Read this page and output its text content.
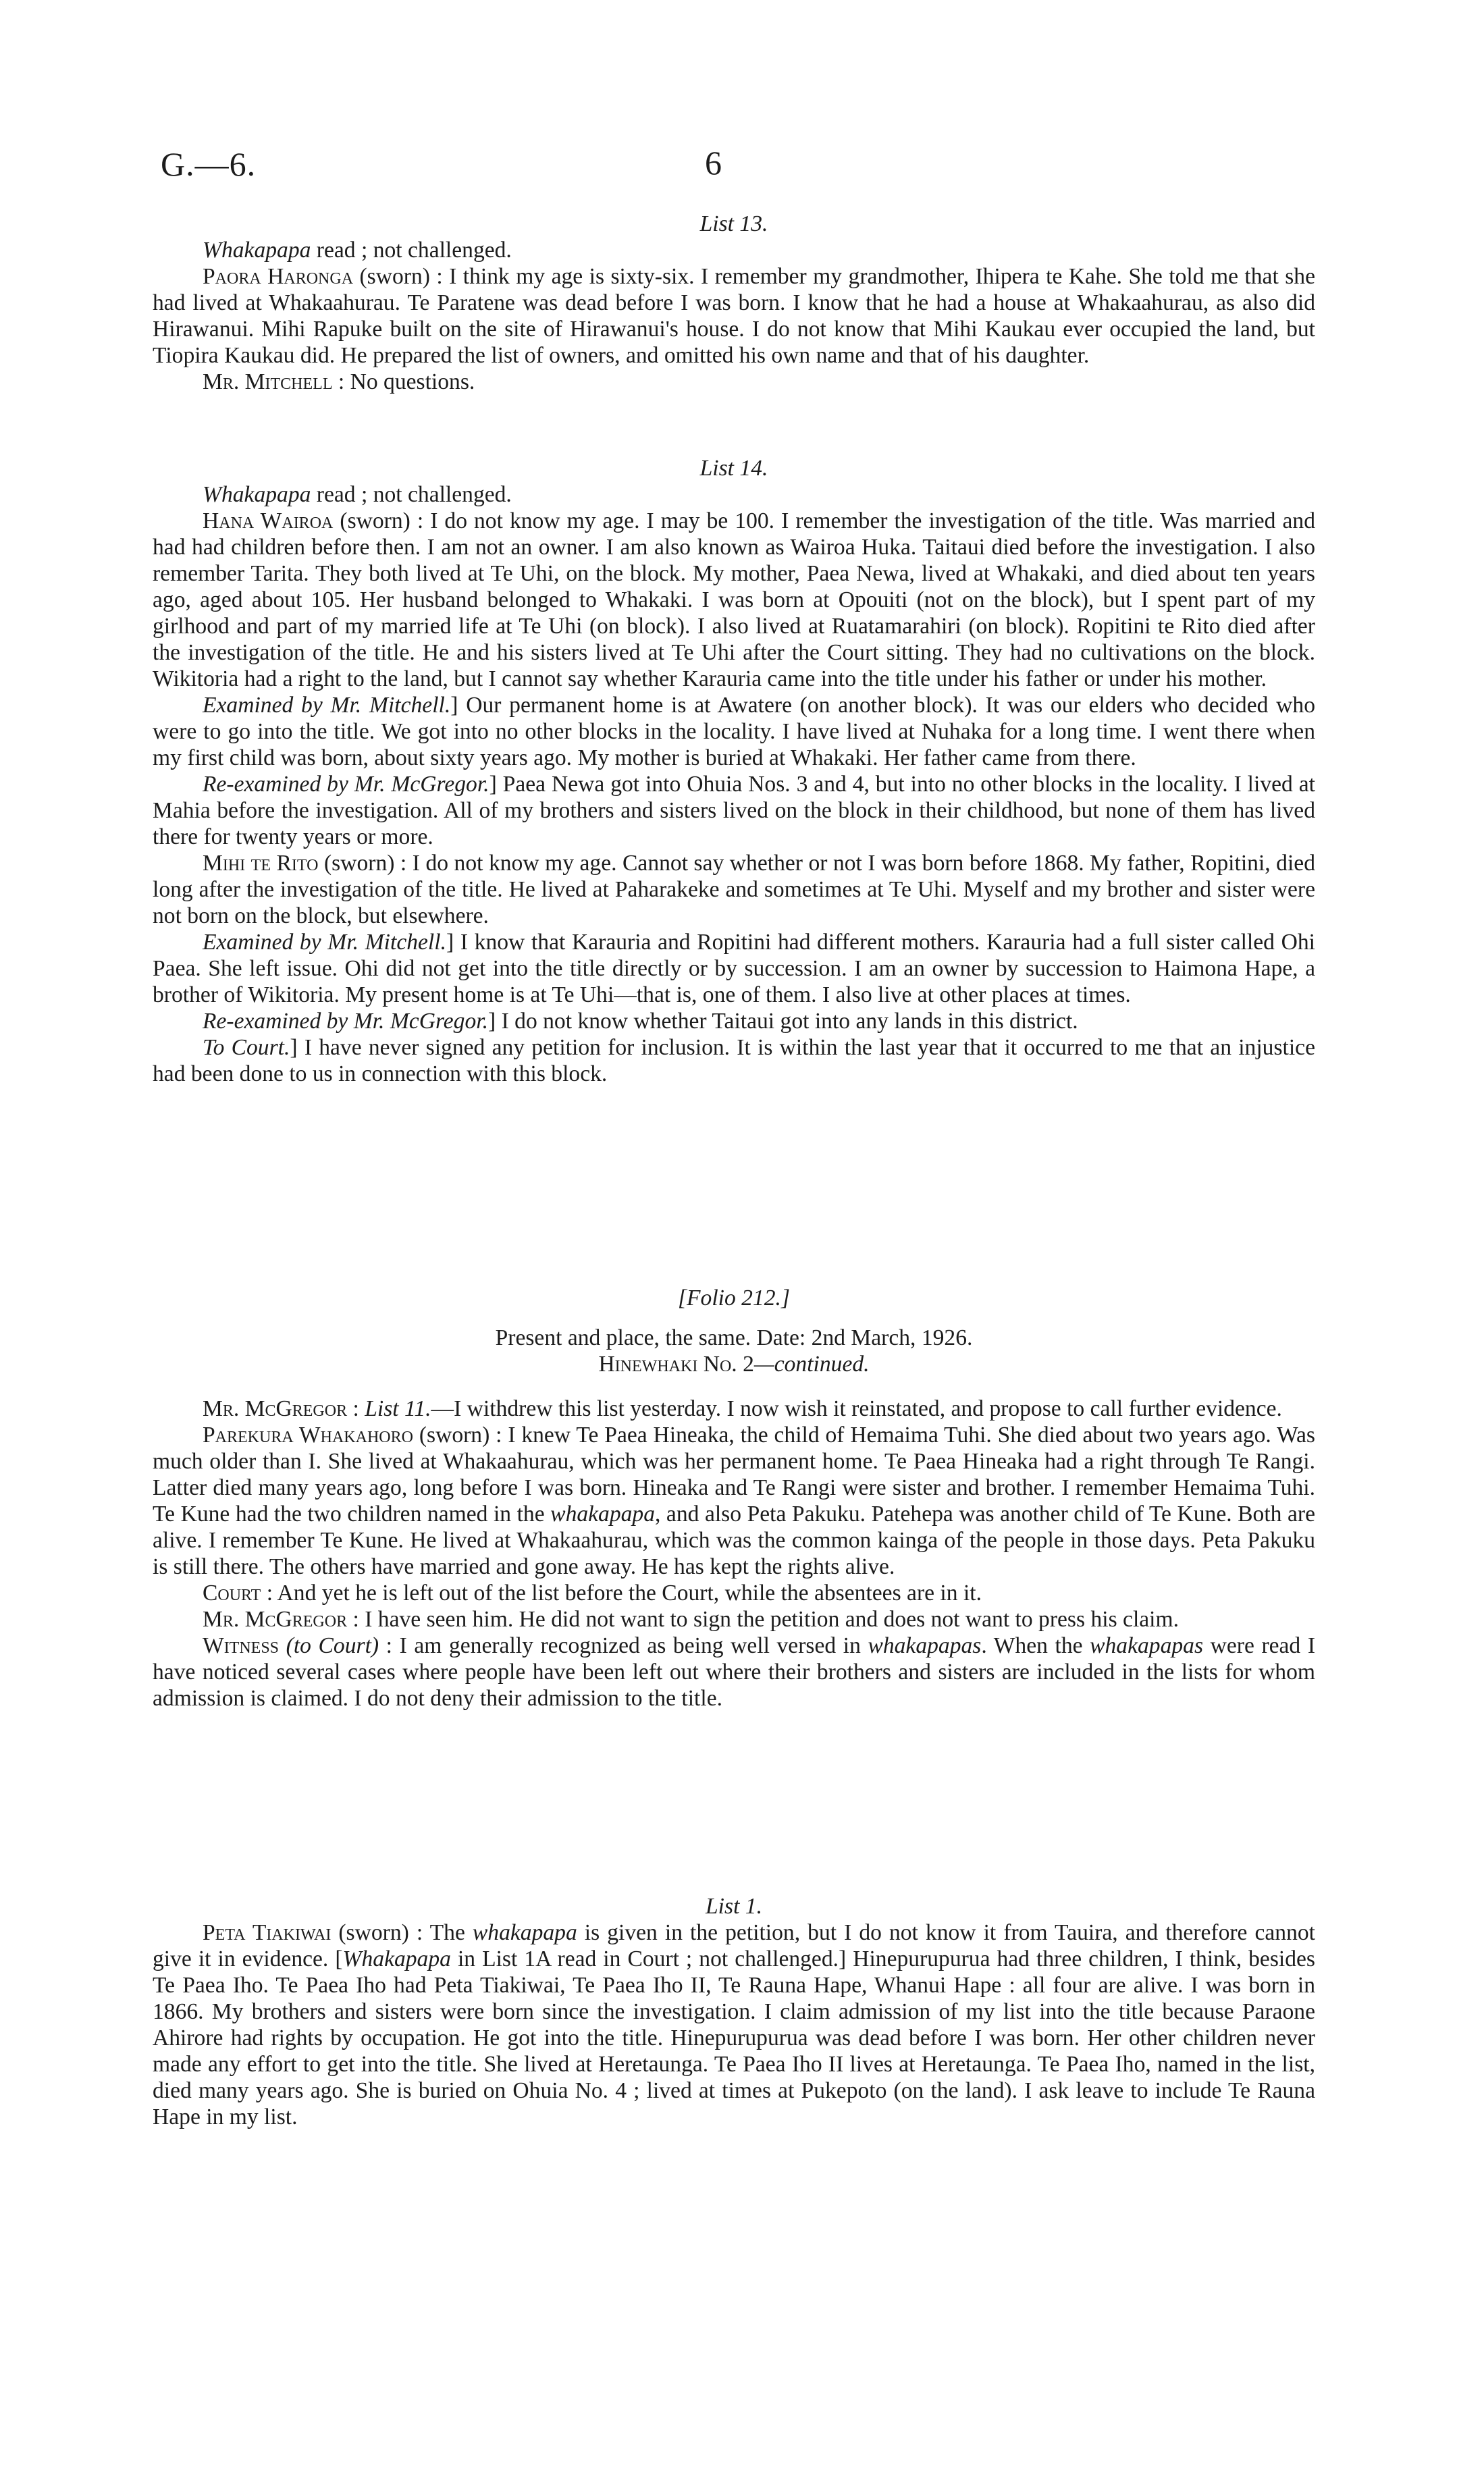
G.—6.	6

List 13.

Whakapapa read ; not challenged.

Paora Haronga (sworn) : I think my age is sixty-six. I remember my grandmother, Ihipera te Kahe. She told me that she had lived at Whakaahurau. Te Paratene was dead before I was born. I know that he had a house at Whakaahurau, as also did Hirawanui. Mihi Rapuke built on the site of Hirawanui's house. I do not know that Mihi Kaukau ever occupied the land, but Tiopira Kaukau did. He prepared the list of owners, and omitted his own name and that of his daughter.

Mr. Mitchell : No questions.

List 14.

Whakapapa read ; not challenged.

Hana Wairoa (sworn) : I do not know my age. I may be 100. I remember the investigation of the title. Was married and had had children before then. I am not an owner. I am also known as Wairoa Huka. Taitaui died before the investigation. I also remember Tarita. They both lived at Te Uhi, on the block. My mother, Paea Newa, lived at Whakaki, and died about ten years ago, aged about 105. Her husband belonged to Whakaki. I was born at Opouiti (not on the block), but I spent part of my girlhood and part of my married life at Te Uhi (on block). I also lived at Ruatamarahiri (on block). Ropitini te Rito died after the investigation of the title. He and his sisters lived at Te Uhi after the Court sitting. They had no cultivations on the block. Wikitoria had a right to the land, but I cannot say whether Karauria came into the title under his father or under his mother.

Examined by Mr. Mitchell.] Our permanent home is at Awatere (on another block). It was our elders who decided who were to go into the title. We got into no other blocks in the locality. I have lived at Nuhaka for a long time. I went there when my first child was born, about sixty years ago. My mother is buried at Whakaki. Her father came from there.

Re-examined by Mr. McGregor.] Paea Newa got into Ohuia Nos. 3 and 4, but into no other blocks in the locality. I lived at Mahia before the investigation. All of my brothers and sisters lived on the block in their childhood, but none of them has lived there for twenty years or more.

Mihi te Rito (sworn) : I do not know my age. Cannot say whether or not I was born before 1868. My father, Ropitini, died long after the investigation of the title. He lived at Paharakeke and sometimes at Te Uhi. Myself and my brother and sister were not born on the block, but elsewhere.

Examined by Mr. Mitchell.] I know that Karauria and Ropitini had different mothers. Karauria had a full sister called Ohi Paea. She left issue. Ohi did not get into the title directly or by succession. I am an owner by succession to Haimona Hape, a brother of Wikitoria. My present home is at Te Uhi—that is, one of them. I also live at other places at times.

Re-examined by Mr. McGregor.] I do not know whether Taitaui got into any lands in this district.

To Court.] I have never signed any petition for inclusion. It is within the last year that it occurred to me that an injustice had been done to us in connection with this block.

[Folio 212.]

Present and place, the same. Date: 2nd March, 1926.

Hinewhaki No. 2—continued.

Mr. McGregor : List 11.—I withdrew this list yesterday. I now wish it reinstated, and propose to call further evidence.

Parekura Whakahoro (sworn) : I knew Te Paea Hineaka, the child of Hemaima Tuhi. She died about two years ago. Was much older than I. She lived at Whakaahurau, which was her permanent home. Te Paea Hineaka had a right through Te Rangi. Latter died many years ago, long before I was born. Hineaka and Te Rangi were sister and brother. I remember Hemaima Tuhi. Te Kune had the two children named in the whakapapa, and also Peta Pakuku. Patehepa was another child of Te Kune. Both are alive. I remember Te Kune. He lived at Whakaahurau, which was the common kainga of the people in those days. Peta Pakuku is still there. The others have married and gone away. He has kept the rights alive.

Court : And yet he is left out of the list before the Court, while the absentees are in it.

Mr. McGregor : I have seen him. He did not want to sign the petition and does not want to press his claim.

Witness (to Court) : I am generally recognized as being well versed in whakapapas. When the whakapapas were read I have noticed several cases where people have been left out where their brothers and sisters are included in the lists for whom admission is claimed. I do not deny their admission to the title.

List 1.

Peta Tiakiwai (sworn) : The whakapapa is given in the petition, but I do not know it from Tauira, and therefore cannot give it in evidence. [Whakapapa in List 1A read in Court ; not challenged.] Hinepurupurua had three children, I think, besides Te Paea Iho. Te Paea Iho had Peta Tiakiwai, Te Paea Iho II, Te Rauna Hape, Whanui Hape : all four are alive. I was born in 1866. My brothers and sisters were born since the investigation. I claim admission of my list into the title because Paraone Ahirore had rights by occupation. He got into the title. Hinepurupurua was dead before I was born. Her other children never made any effort to get into the title. She lived at Heretaunga. Te Paea Iho II lives at Heretaunga. Te Paea Iho, named in the list, died many years ago. She is buried on Ohuia No. 4 ; lived at times at Pukepoto (on the land). I ask leave to include Te Rauna Hape in my list.
